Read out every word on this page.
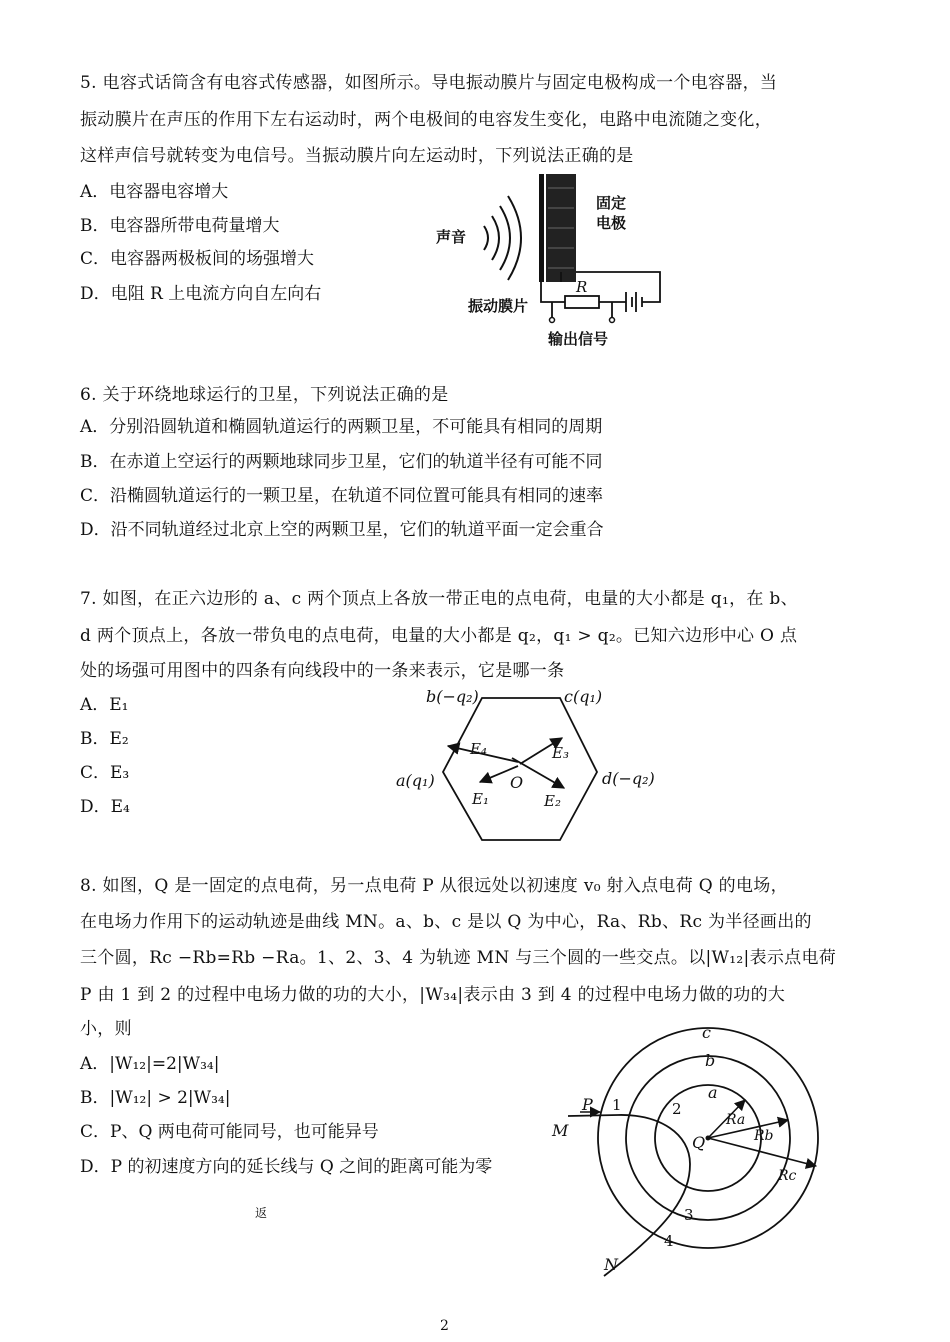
5. 电容式话筒含有电容式传感器，如图所示。导电振动膜片与固定电极构成一个电容器，当
振动膜片在声压的作用下左右运动时，两个电极间的电容发生变化，电路中电流随之变化，
这样声信号就转变为电信号。当振动膜片向左运动时，下列说法正确的是
A．电容器电容增大
B．电容器所带电荷量增大
C．电容器两极板间的场强增大
D．电阻 R 上电流方向自左向右
声音
固定
电极
振动膜片
R
输出信号
6. 关于环绕地球运行的卫星，下列说法正确的是
A．分别沿圆轨道和椭圆轨道运行的两颗卫星，不可能具有相同的周期
B．在赤道上空运行的两颗地球同步卫星，它们的轨道半径有可能不同
C．沿椭圆轨道运行的一颗卫星，在轨道不同位置可能具有相同的速率
D．沿不同轨道经过北京上空的两颗卫星，它们的轨道平面一定会重合
7. 如图，在正六边形的 a、c 两个顶点上各放一带正电的点电荷，电量的大小都是 q₁，在 b、
d 两个顶点上，各放一带负电的点电荷，电量的大小都是 q₂，q₁ > q₂。已知六边形中心 O 点
处的场强可用图中的四条有向线段中的一条来表示，它是哪一条
A．E₁
B．E₂
C．E₃
D．E₄
b(−q₂)	c(q₁)
a(q₁)	d(−q₂)
O
E₄	E₃
E₁	E₂
8. 如图，Q 是一固定的点电荷，另一点电荷 P 从很远处以初速度 v₀ 射入点电荷 Q 的电场，
在电场力作用下的运动轨迹是曲线 MN。a、b、c 是以 Q 为中心，Ra、Rb、Rc 为半径画出的
三个圆，Rc −Rb=Rb −Ra。1、2、3、4 为轨迹 MN 与三个圆的一些交点。以|W₁₂|表示点电荷
P 由 1 到 2 的过程中电场力做的功的大小，|W₃₄|表示由 3 到 4 的过程中电场力做的功的大
小，则
A．|W₁₂|=2|W₃₄|
B．|W₁₂| > 2|W₃₄|
C．P、Q 两电荷可能同号，也可能异号
D．P 的初速度方向的延长线与 Q 之间的距离可能为零
c
b
a
P
M
N
Q
1	2
3
4
Ra
Rb
Rc
返
2
